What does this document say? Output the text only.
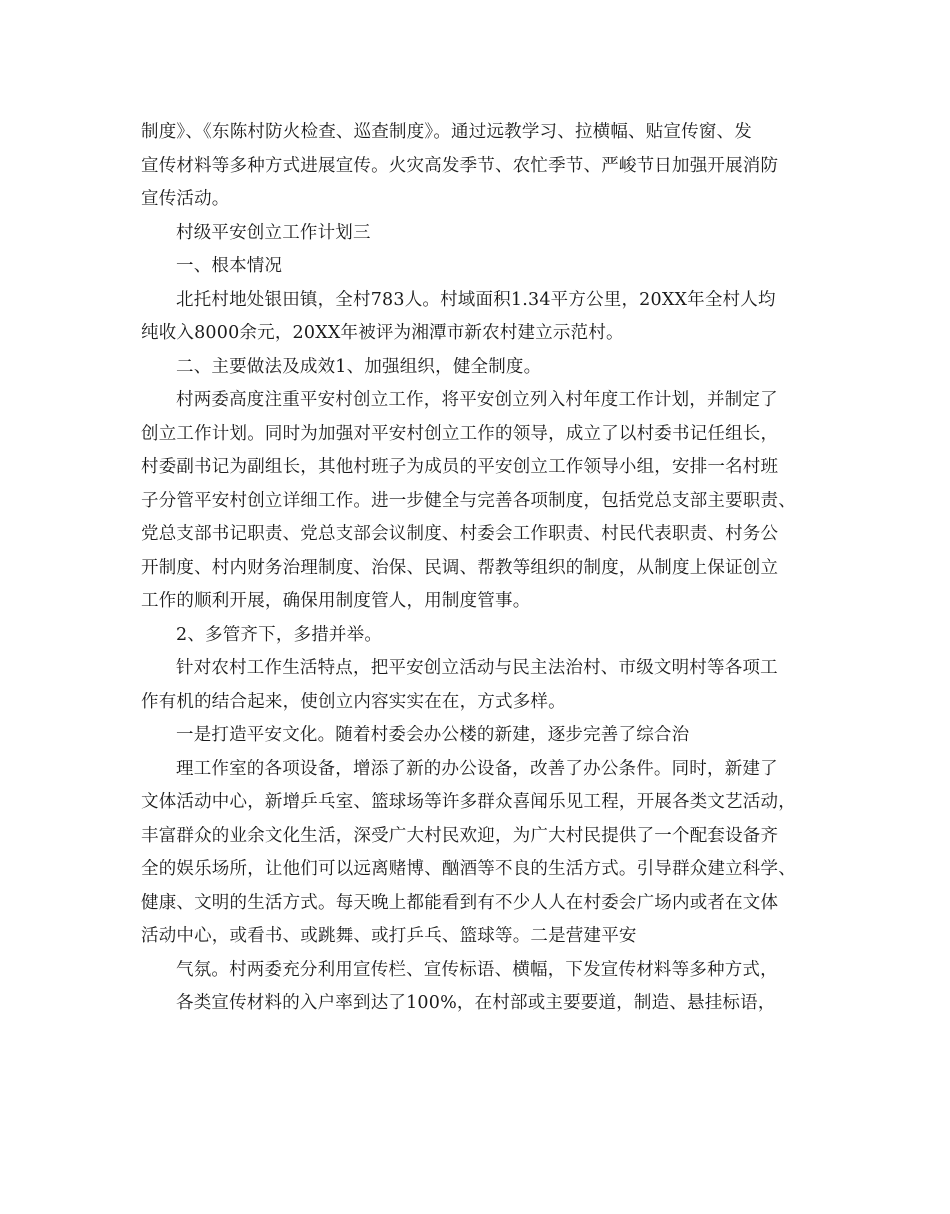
制度》、《东陈村防火检查、巡查制度》。通过远教学习、拉横幅、贴宣传窗、发
宣传材料等多种方式进展宣传。火灾高发季节、农忙季节、严峻节日加强开展消防
宣传活动。
村级平安创立工作计划三
一、根本情况
北托村地处银田镇，全村783人。村域面积1.34平方公里，20XX年全村人均
纯收入8000余元，20XX年被评为湘潭市新农村建立示范村。
二、主要做法及成效1、加强组织，健全制度。
村两委高度注重平安村创立工作，将平安创立列入村年度工作计划，并制定了
创立工作计划。同时为加强对平安村创立工作的领导，成立了以村委书记任组长，
村委副书记为副组长，其他村班子为成员的平安创立工作领导小组，安排一名村班
子分管平安村创立详细工作。进一步健全与完善各项制度，包括党总支部主要职责、
党总支部书记职责、党总支部会议制度、村委会工作职责、村民代表职责、村务公
开制度、村内财务治理制度、治保、民调、帮教等组织的制度，从制度上保证创立
工作的顺利开展，确保用制度管人，用制度管事。
2、多管齐下，多措并举。
针对农村工作生活特点，把平安创立活动与民主法治村、市级文明村等各项工
作有机的结合起来，使创立内容实实在在，方式多样。
一是打造平安文化。随着村委会办公楼的新建，逐步完善了综合治
理工作室的各项设备，增添了新的办公设备，改善了办公条件。同时，新建了
文体活动中心，新增乒乓室、篮球场等许多群众喜闻乐见工程，开展各类文艺活动，
丰富群众的业余文化生活，深受广大村民欢迎，为广大村民提供了一个配套设备齐
全的娱乐场所，让他们可以远离赌博、酗酒等不良的生活方式。引导群众建立科学、
健康、文明的生活方式。每天晚上都能看到有不少人人在村委会广场内或者在文体
活动中心，或看书、或跳舞、或打乒乓、篮球等。二是营建平安
气氛。村两委充分利用宣传栏、宣传标语、横幅，下发宣传材料等多种方式，
各类宣传材料的入户率到达了100%，在村部或主要要道，制造、悬挂标语，
